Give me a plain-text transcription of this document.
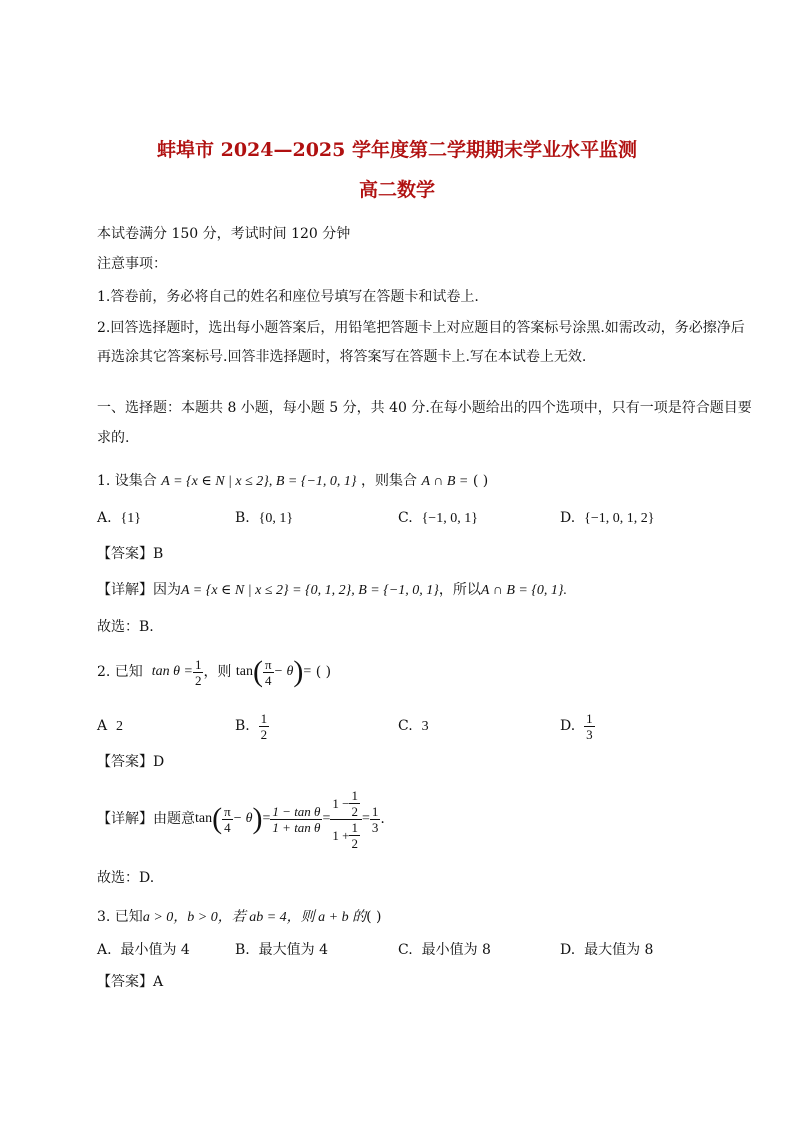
蚌埠市 2024—2025 学年度第二学期期末学业水平监测
高二数学
本试卷满分 150 分，考试时间 120 分钟
注意事项：
1.答卷前，务必将自己的姓名和座位号填写在答题卡和试卷上.
2.回答选择题时，选出每小题答案后，用铅笔把答题卡上对应题目的答案标号涂黑.如需改动，务必擦净后
再选涂其它答案标号.回答非选择题时，将答案写在答题卡上.写在本试卷上无效.
一、选择题：本题共 8 小题，每小题 5 分，共 40 分.在每小题给出的四个选项中，只有一项是符合题目要
求的.
1. 设集合 A = {x ∈ N | x ≤ 2}, B = {−1, 0, 1} ，则集合 A ∩ B = ( )
A. {1}	B. {0, 1}	C. {−1, 0, 1}	D. {−1, 0, 1, 2}
【答案】B
【详解】因为A = {x ∈ N | x ≤ 2} = {0, 1, 2}, B = {−1, 0, 1}，所以A ∩ B = {0, 1}.
故选：B.
2. 已知
$\tan \theta = \frac{1}{2}$ ，则
tan ( $\frac{\pi}{4} - \theta$ ) =
( )
A 2	B.
$\frac{1}{2}$	C. 3	D.
$\frac{1}{3}$
【答案】D
【详解】由题意 tan ( $\frac{\pi}{4} - \theta$ ) = $\frac{\text{1 − tan θ}}{\text{1 + tan θ}} = \frac{1 - \frac{1}{2}}{1 + \frac{1}{2}} = \frac{1}{3}$ .
故选：D.
3. 已知a > 0，b > 0，若 ab = 4，则 a + b 的( )
A. 最小值为 4	B. 最大值为 4	C. 最小值为 8	D. 最大值为 8
【答案】A
